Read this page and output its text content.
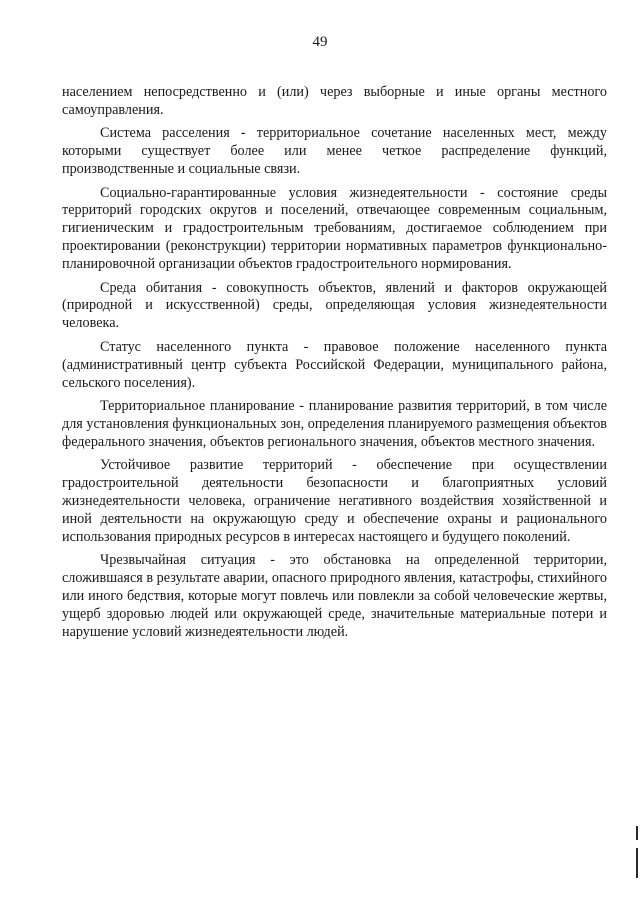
49

населением непосредственно и (или) через выборные и иные органы местного самоуправления.

Система расселения - территориальное сочетание населенных мест, между которыми существует более или менее четкое распределение функций, производственные и социальные связи.

Социально-гарантированные условия жизнедеятельности - состояние среды территорий городских округов и поселений, отвечающее современным социальным, гигиеническим и градостроительным требованиям, достигаемое соблюдением при проектировании (реконструкции) территории нормативных параметров функционально-планировочной организации объектов градостроительного нормирования.

Среда обитания - совокупность объектов, явлений и факторов окружающей (природной и искусственной) среды, определяющая условия жизнедеятельности человека.

Статус населенного пункта - правовое положение населенного пункта (административный центр субъекта Российской Федерации, муниципального района, сельского поселения).

Территориальное планирование - планирование развития территорий, в том числе для установления функциональных зон, определения планируемого размещения объектов федерального значения, объектов регионального значения, объектов местного значения.

Устойчивое развитие территорий - обеспечение при осуществлении градостроительной деятельности безопасности и благоприятных условий жизнедеятельности человека, ограничение негативного воздействия хозяйственной и иной деятельности на окружающую среду и обеспечение охраны и рационального использования природных ресурсов в интересах настоящего и будущего поколений.

Чрезвычайная ситуация - это обстановка на определенной территории, сложившаяся в результате аварии, опасного природного явления, катастрофы, стихийного или иного бедствия, которые могут повлечь или повлекли за собой человеческие жертвы, ущерб здоровью людей или окружающей среде, значительные материальные потери и нарушение условий жизнедеятельности людей.
